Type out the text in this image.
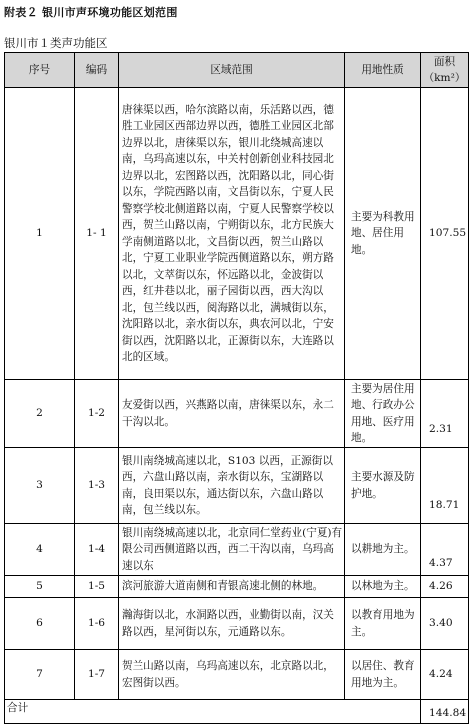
附表２ 银川市声环境功能区划范围
银川市１类声功能区
序号	编码	区域范围	用地性质	面积
（km²）

1	1- 1	唐徕渠以西，哈尔滨路以南，乐活路以西，德胜工业园区西部边界以西，德胜工业园区北部边界以北，唐徕渠以东，银川北绕城高速以南，乌玛高速以东，中关村创新创业科技园北边界以北，宏图路以西，沈阳路以北，同心街以东，学院西路以南，文昌街以东，宁夏人民警察学校北侧道路以南，宁夏人民警察学校以西，贺兰山路以南，宁朔街以东，北方民族大学南侧道路以北，文昌街以西，贺兰山路以北，宁夏工业职业学院西侧道路以东，朔方路以北，文萃街以东，怀远路以北，金波街以西，红井巷以北，丽子园街以西，西大沟以北，包兰线以西，阅海路以北，满城街以东，沈阳路以北，亲水街以东，典农河以北，宁安街以西，沈阳路以北，正源街以东，大连路以北的区域。	主要为科教用地、居住用地。	107.55
2	1-2	友爱街以西，兴燕路以南，唐徕渠以东，永二干沟以北。	主要为居住用地、行政办公用地、医疗用地。	2.31
3	1-3	银川南绕城高速以北，S103 以西，正源街以西，六盘山路以南，亲水街以东，宝湖路以南，良田渠以东，通达街以东，六盘山路以南，包兰线以东。	主要水源及防护地。	18.71
4	1-4	银川南绕城高速以北，北京同仁堂药业(宁夏)有限公司西侧道路以西，西二干沟以南，乌玛高速以东	以耕地为主。	4.37
5	1-5	滨河旅游大道南侧和青银高速北侧的林地。	以林地为主。	4.26
6	1-6	瀚海街以北，水洞路以西，业勤街以南，汉关路以西，星河街以东，元通路以东。	以教育用地为主。	3.40
7	1-7	贺兰山路以南，乌玛高速以东，北京路以北，宏图街以西。	以居住、教育用地为主。	4.24
合计				144.84
